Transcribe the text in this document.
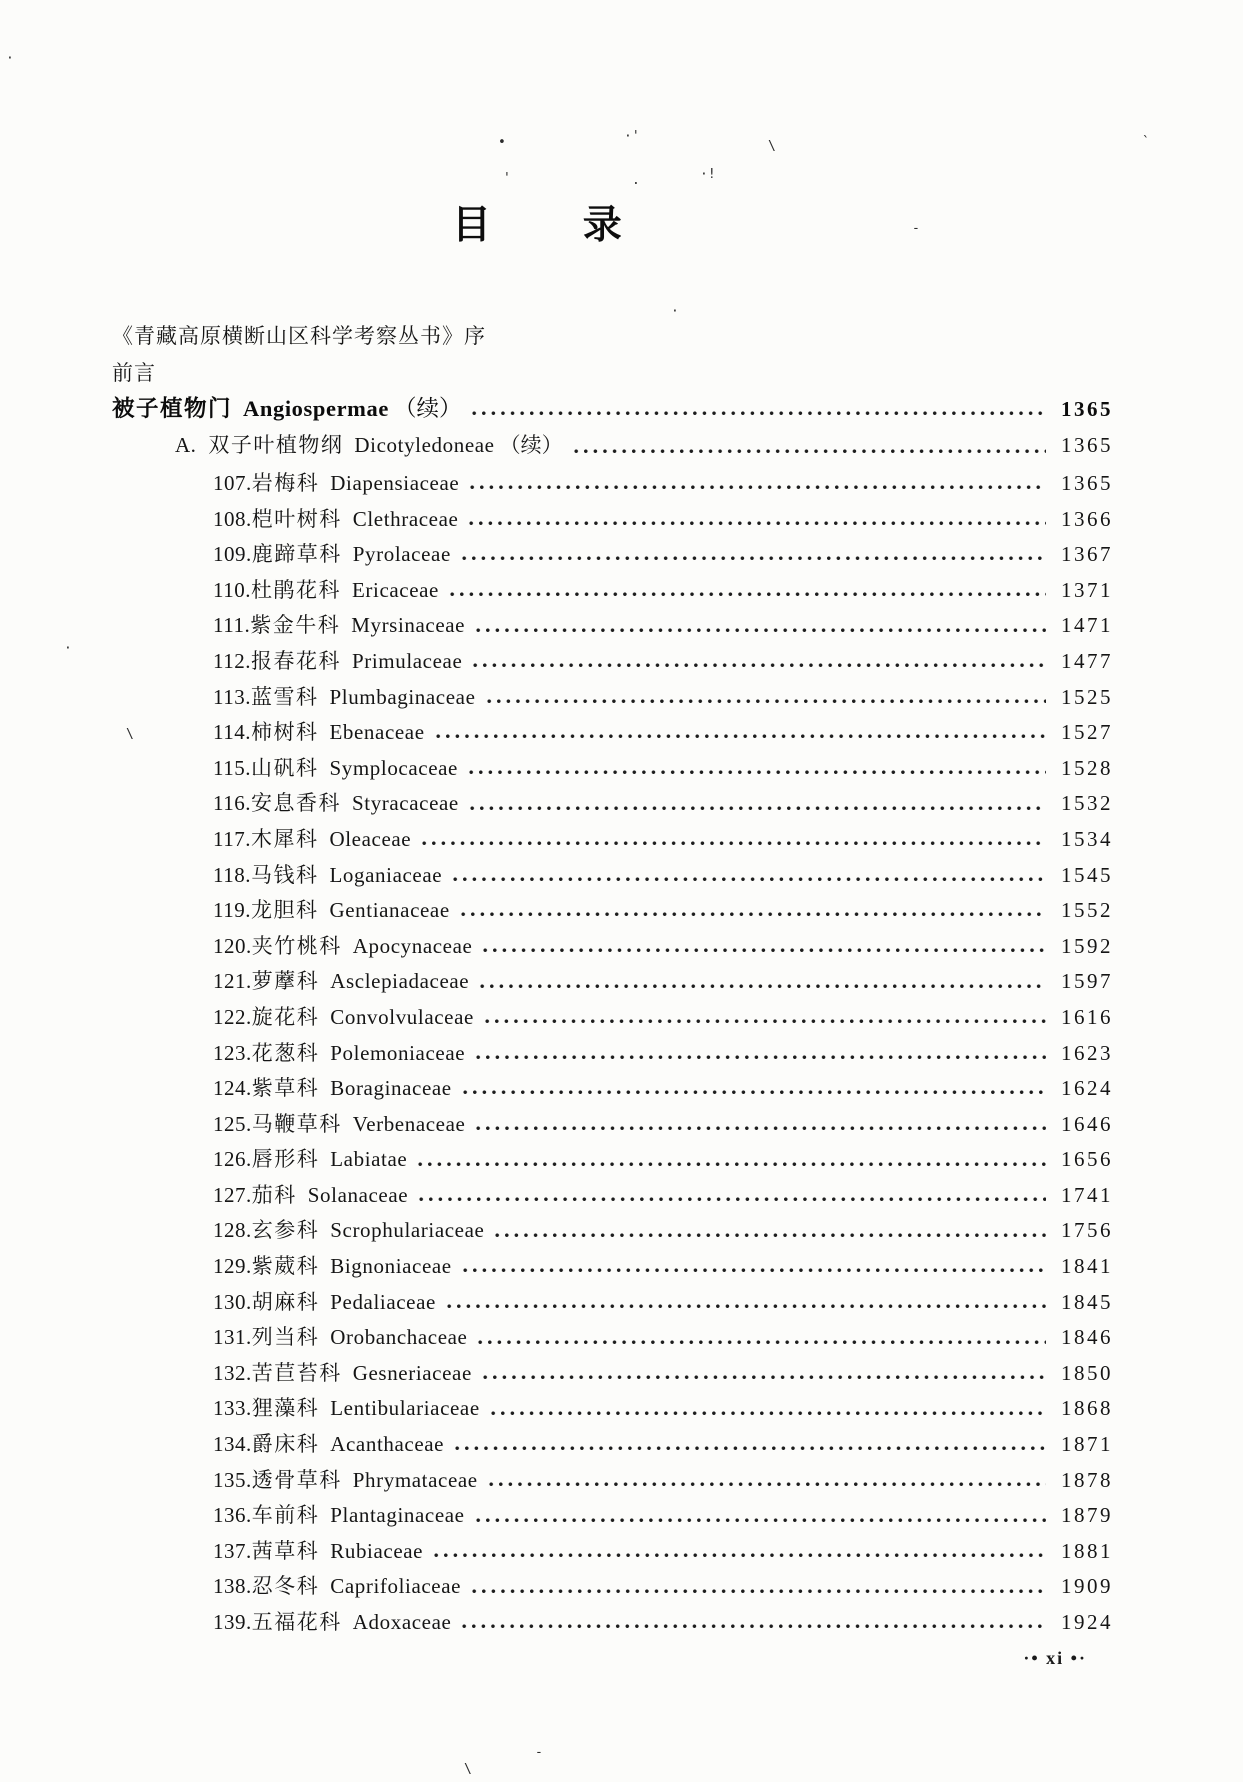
目 录
《青藏高原横断山区科学考察丛书》序
前言
被子植物门 Angiospermae （续）	1365
A. 双子叶植物纲 Dicotyledoneae （续）	1365
107. 岩梅科 Diapensiaceae	1365
108. 桤叶树科 Clethraceae	1366
109. 鹿蹄草科 Pyrolaceae	1367
110. 杜鹃花科 Ericaceae	1371
111. 紫金牛科 Myrsinaceae	1471
112. 报春花科 Primulaceae	1477
113. 蓝雪科 Plumbaginaceae	1525
114. 柿树科 Ebenaceae	1527
115. 山矾科 Symplocaceae	1528
116. 安息香科 Styracaceae	1532
117. 木犀科 Oleaceae	1534
118. 马钱科 Loganiaceae	1545
119. 龙胆科 Gentianaceae	1552
120. 夹竹桃科 Apocynaceae	1592
121. 萝藦科 Asclepiadaceae	1597
122. 旋花科 Convolvulaceae	1616
123. 花葱科 Polemoniaceae	1623
124. 紫草科 Boraginaceae	1624
125. 马鞭草科 Verbenaceae	1646
126. 唇形科 Labiatae	1656
127. 茄科 Solanaceae	1741
128. 玄参科 Scrophulariaceae	1756
129. 紫葳科 Bignoniaceae	1841
130. 胡麻科 Pedaliaceae	1845
131. 列当科 Orobanchaceae	1846
132. 苦苣苔科 Gesneriaceae	1850
133. 狸藻科 Lentibulariaceae	1868
134. 爵床科 Acanthaceae	1871
135. 透骨草科 Phrymataceae	1878
136. 车前科 Plantaginaceae	1879
137. 茜草科 Rubiaceae	1881
138. 忍冬科 Caprifoliaceae	1909
139. 五福花科 Adoxaceae	1924
·• xi •·
·
•	·'
\
'	.	·!
`
-
·
\
·
-
\
